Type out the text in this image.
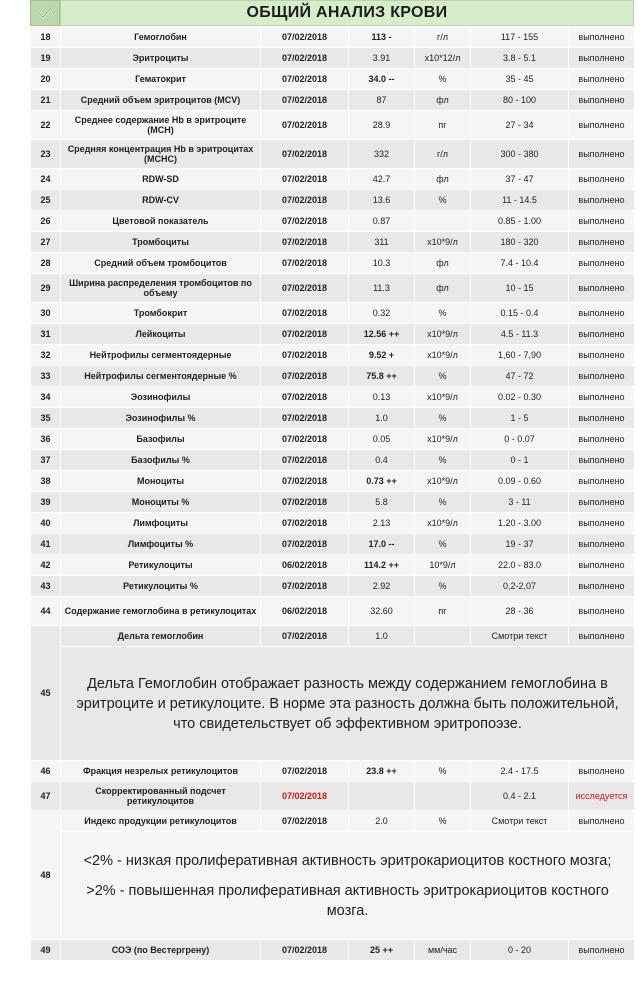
ОБЩИЙ АНАЛИЗ КРОВИ
18	Гемоглобин	07/02/2018	113 -	г/л	117 - 155	выполнено
19	Эритроциты	07/02/2018	3.91	x10*12/л	3.8 - 5.1	выполнено
20	Гематокрит	07/02/2018	34.0 --	%	35 - 45	выполнено
21	Средний объем эритроцитов (MCV)	07/02/2018	87	фл	80 - 100	выполнено
22	Среднее содержание Hb в эритроците (MCH)	07/02/2018	28.9	пг	27 - 34	выполнено
23	Средняя концентрация Hb в эритроцитах (MCHC)	07/02/2018	332	г/л	300 - 380	выполнено
24	RDW-SD	07/02/2018	42.7	фл	37 - 47	выполнено
25	RDW-CV	07/02/2018	13.6	%	11 - 14.5	выполнено
26	Цветовой показатель	07/02/2018	0.87		0.85 - 1.00	выполнено
27	Тромбоциты	07/02/2018	311	x10*9/л	180 - 320	выполнено
28	Средний объем тромбоцитов	07/02/2018	10.3	фл	7.4 - 10.4	выполнено
29	Ширина распределения тромбоцитов по объему	07/02/2018	11.3	фл	10 - 15	выполнено
30	Тромбокрит	07/02/2018	0.32	%	0.15 - 0.4	выполнено
31	Лейкоциты	07/02/2018	12.56 ++	x10*9/л	4.5 - 11.3	выполнено
32	Нейтрофилы сегментоядерные	07/02/2018	9.52 +	x10*9/л	1,60 - 7,90	выполнено
33	Нейтрофилы сегментоядерные %	07/02/2018	75.8 ++	%	47 - 72	выполнено
34	Эозинофилы	07/02/2018	0.13	x10*9/л	0.02 - 0.30	выполнено
35	Эозинофилы %	07/02/2018	1.0	%	1 - 5	выполнено
36	Базофилы	07/02/2018	0.05	x10*9/л	0 - 0.07	выполнено
37	Базофилы %	07/02/2018	0.4	%	0 - 1	выполнено
38	Моноциты	07/02/2018	0.73 ++	x10*9/л	0.09 - 0.60	выполнено
39	Моноциты %	07/02/2018	5.8	%	3 - 11	выполнено
40	Лимфоциты	07/02/2018	2.13	x10*9/л	1.20 - 3.00	выполнено
41	Лимфоциты %	07/02/2018	17.0 --	%	19 - 37	выполнено
42	Ретикулоциты	06/02/2018	114.2 ++	10*9/л	22.0 - 83.0	выполнено
43	Ретикулоциты %	07/02/2018	2.92	%	0,2-2,07	выполнено
44	Содержание гемоглобина в ретикулоцитах	06/02/2018	32.60	пг	28 - 36	выполнено
45	Дельта гемоглобин	07/02/2018	1.0		Смотри текст	выполнено
	Дельта Гемоглобин отображает разность между содержанием гемоглобина в эритроците и ретикулоците. В норме эта разность должна быть положительной, что свидетельствует об эффективном эритропоэзе.					
46	Фракция незрелых ретикулоцитов	07/02/2018	23.8 ++	%	2.4 - 17.5	выполнено
47	Скорректированный подсчет ретикулоцитов	07/02/2018			0.4 - 2.1	исследуется
48	Индекс продукции ретикулоцитов	07/02/2018	2.0	%	Смотри текст	выполнено

	<2% - низкая пролиферативная активность эритрокариоцитов костного мозга;
>2% - повышенная пролиферативная активность эритрокариоцитов костного мозга.					

49	СОЭ (по Вестергрену)	07/02/2018	25 ++	мм/час	0 - 20	выполнено
